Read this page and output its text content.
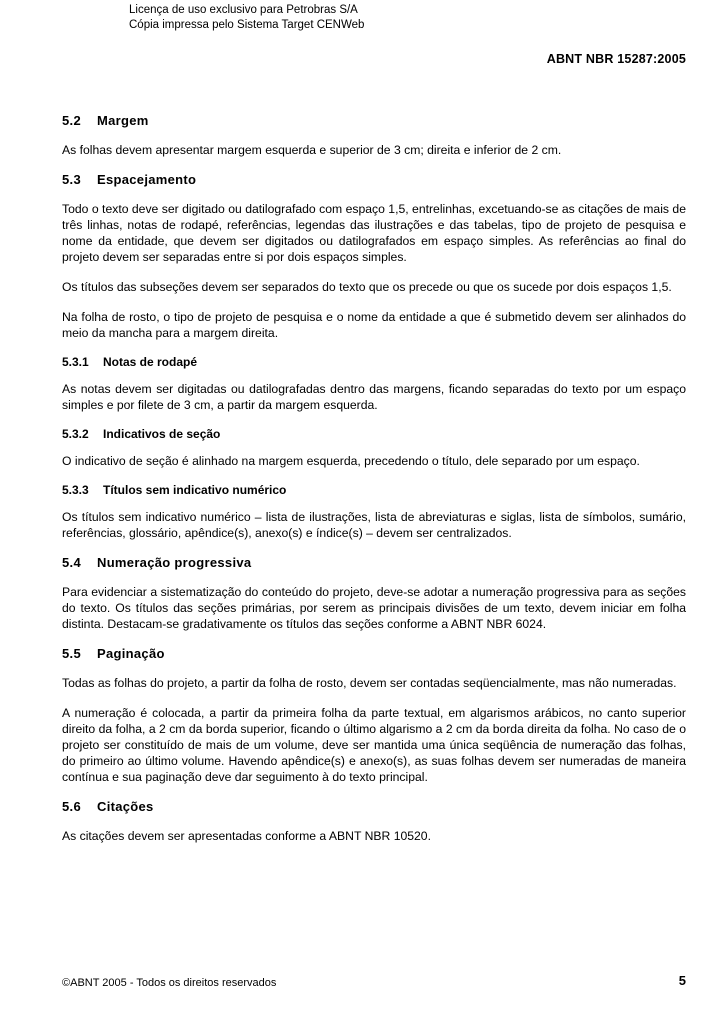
Licença de uso exclusivo para Petrobras S/A
Cópia impressa pelo Sistema Target CENWeb
ABNT NBR 15287:2005
5.2	Margem

As folhas devem apresentar margem esquerda e superior de 3 cm; direita e inferior de 2 cm.

5.3	Espacejamento

Todo o texto deve ser digitado ou datilografado com espaço 1,5, entrelinhas, excetuando-se as citações de mais de três linhas, notas de rodapé, referências, legendas das ilustrações e das tabelas, tipo de projeto de pesquisa e nome da entidade, que devem ser digitados ou datilografados em espaço simples. As referências ao final do projeto devem ser separadas entre si por dois espaços simples.

Os títulos das subseções devem ser separados do texto que os precede ou que os sucede por dois espaços 1,5.

Na folha de rosto, o tipo de projeto de pesquisa e o nome da entidade a que é submetido devem ser alinhados do meio da mancha para a margem direita.

5.3.1	Notas de rodapé

As notas devem ser digitadas ou datilografadas dentro das margens, ficando separadas do texto por um espaço simples e por filete de 3 cm, a partir da margem esquerda.

5.3.2	Indicativos de seção

O indicativo de seção é alinhado na margem esquerda, precedendo o título, dele separado por um espaço.

5.3.3	Títulos sem indicativo numérico

Os títulos sem indicativo numérico – lista de ilustrações, lista de abreviaturas e siglas, lista de símbolos, sumário, referências, glossário, apêndice(s), anexo(s) e índice(s) – devem ser centralizados.

5.4	Numeração progressiva

Para evidenciar a sistematização do conteúdo do projeto, deve-se adotar a numeração progressiva para as seções do texto. Os títulos das seções primárias, por serem as principais divisões de um texto, devem iniciar em folha distinta. Destacam-se gradativamente os títulos das seções conforme a ABNT NBR 6024.

5.5	Paginação

Todas as folhas do projeto, a partir da folha de rosto, devem ser contadas seqüencialmente, mas não numeradas.

A numeração é colocada, a partir da primeira folha da parte textual, em algarismos arábicos, no canto superior direito da folha, a 2 cm da borda superior, ficando o último algarismo a 2 cm da borda direita da folha. No caso de o projeto ser constituído de mais de um volume, deve ser mantida uma única seqüência de numeração das folhas, do primeiro ao último volume. Havendo apêndice(s) e anexo(s), as suas folhas devem ser numeradas de maneira contínua e sua paginação deve dar seguimento à do texto principal.

5.6	Citações

As citações devem ser apresentadas conforme a ABNT NBR 10520.

©ABNT 2005 - Todos os direitos reservados	5
